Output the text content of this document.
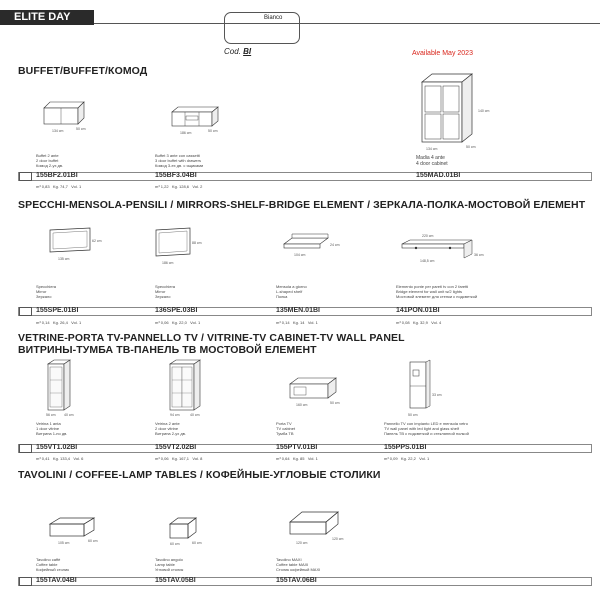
ELITE DAY	Bianco
Cod. BI	Available May 2023
BUFFET/BUFFET/КОМОД
SPECCHI-MENSOLA-PENSILI / MIRRORS-SHELF-BRIDGE ELEMENT / ЗЕРКАЛА-ПОЛКА-МОСТОВОЙ ЕЛЕМЕНТ
VETRINE-PORTA TV-PANNELLO TV / VITRINE-TV CABINET-TV WALL PANEL
ВИТРИНЫ-ТУМБА ТВ-ПАНЕЛЬ ТВ МОСТОВОЙ ЕЛЕМЕНТ
TAVOLINI / COFFEE-LAMP TABLES / КОФЕЙНЫЕ-УГЛОВЫЕ СТОЛИКИ
134 cm	50 cm
186 cm	50 cm
134 cm	50 cm
140 cm
Buffet 2 ante
2 door buffet
Комод 2-ух дв.
Buffet 3 ante con cassetti
3 door buffet with drawers
Комод 3-ех дв. с ящиками
Madia 4 ante
4 door cabinet
155BF2.01BI	155BF3.04BI	155MAD.01BI
m³ 0,83 Kg. 74,7 Vol. 1	m³ 1,22 Kg. 128,6 Vol. 2
135 cm
62 cm
186 cm
88 cm
104 cm
24 cm
220 cm
148,5 cm
36 cm
Specchiera
Mirror
Зеркало
Specchiera
Mirror
Зеркало
Mensola a giorno
L-shaped shelf
Полка
Elemento ponte per pareti tv con 2 faretti
Bridge element for wall unit w/2 lights
Мостовой элемент для стенки с подсветкой
155SPE.01BI	136SPE.03BI	135MEN.01BI	141PON.01BI
m³ 0,14 Kg. 26,4 Vol. 1	m³ 0,06 Kg. 22,0 Vol. 1	m³ 0,14 Kg. 14 Vol. 1	m³ 0,08 Kg. 32,9 Vol. 4
56 cm 40 cm	94 cm	40 cm
160 cm	50 cm
50 cm
33 cm
Vetrina 1 anta
1 door vitrine
Витрина 1-но дв.
Vetrina 2 ante
2 door vitrine
Витрина 2-ух дв.
Porta TV
TV cabinet
Тумба ТВ
Pannello TV con impianto LED e mensola vetro
TV wall panel with led light and glass shelf
Панель ТВ с подсветкой и стеклянной полкой
155VT1.02BI	155VT2.02BI	155PTV.01BI	155PPS.01BI
m³ 0,41 Kg. 133,4 Vol. 6	m³ 0,06 Kg. 167,1 Vol. 8	m³ 0,64 Kg. 85 Vol. 1	m³ 0,09 Kg. 22,2 Vol. 1
105 cm	60 cm
60 cm	60 cm	120 cm
120 cm
Tavolino caffè
Coffee table
Кофейный столик
Tavolino angolo
Lamp table
Угловой столик
Tavolino MAXI
Coffee table MAXI
Столик кофейный MAXI
155TAV.04BI	155TAV.05BI	155TAV.06BI
